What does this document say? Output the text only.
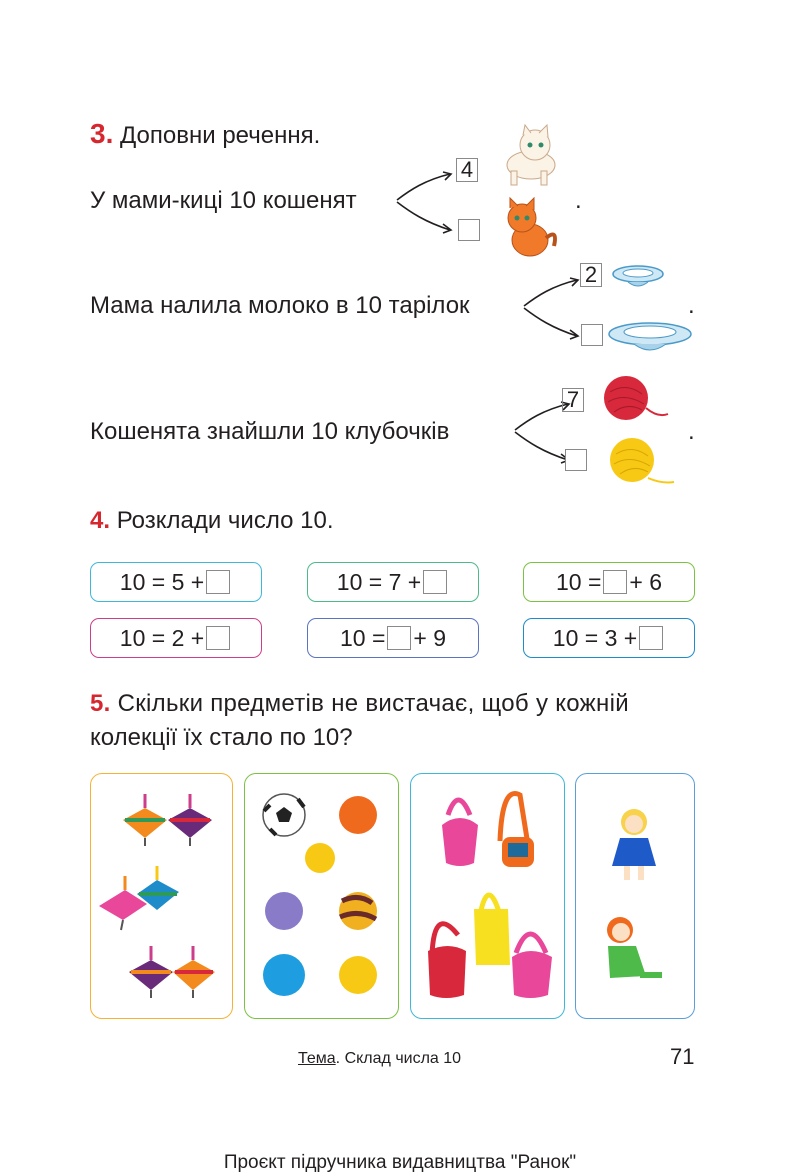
3. Доповни речення.
У мами-киці 10 кошенят
4
.
Мама налила молоко в 10 тарілок
2
.
Кошенята знайшли 10 клубочків
7
.
4. Розклади число 10.
10 = 5 +	10 = 7 +	10 = + 6
10 = 2 +	10 = + 9	10 = 3 +
5. Скільки предметів не вистачає, щоб у кожній
колекції їх стало по 10?
Тема. Склад числа 10	71
Проєкт підручника видавництва "Ранок"
